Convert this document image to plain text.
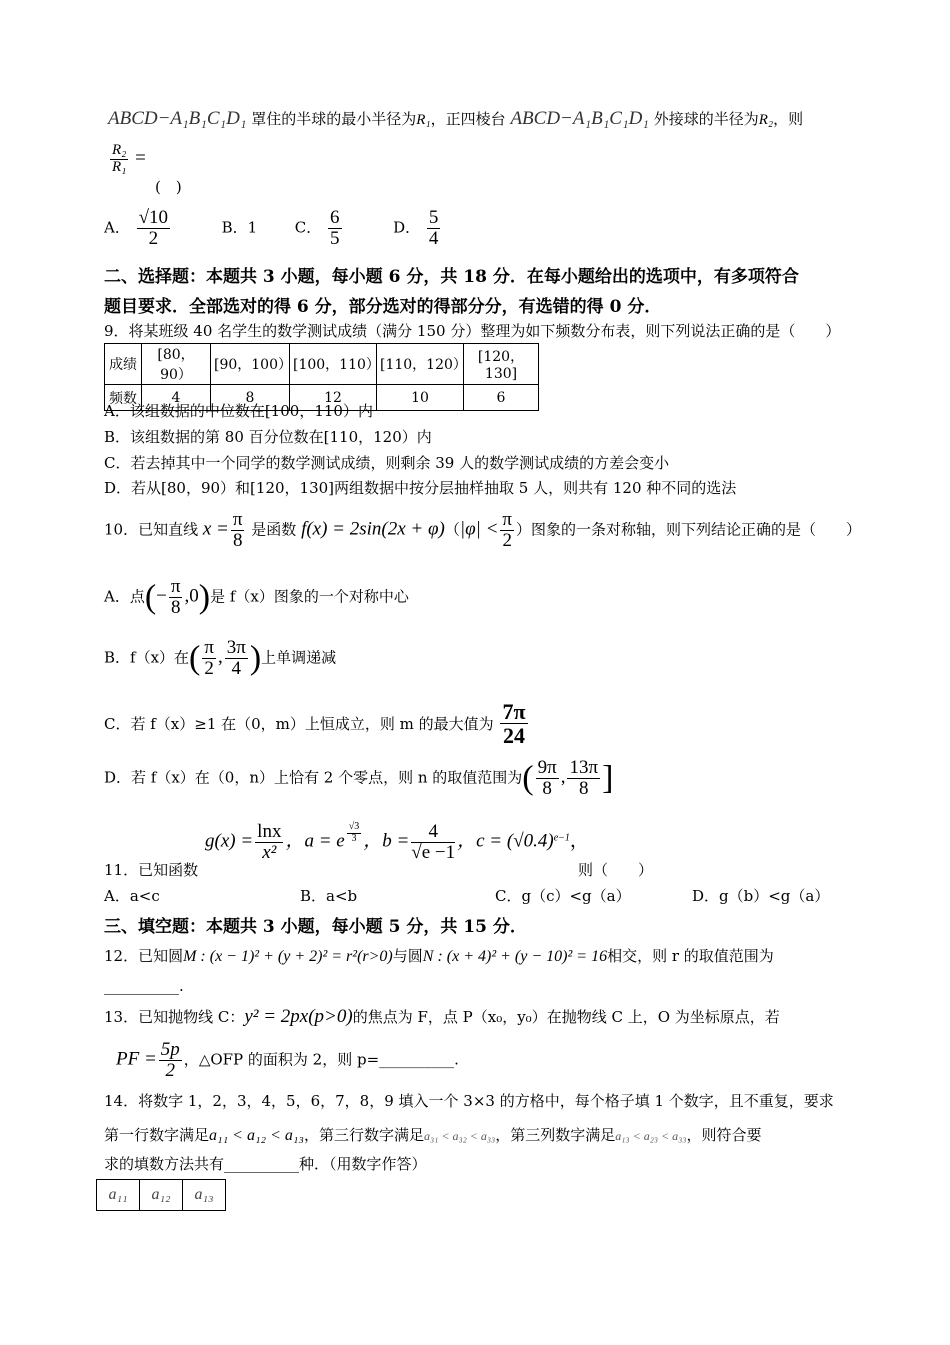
ABCD−A₁B₁C₁D₁ 罩住的半球的最小半径为R₁，正四棱台 ABCD−A₁B₁C₁D₁ 外接球的半径为R₂，则
$\frac{\text{R₂}}{\text{R₁}}$ =
(　)
A． $\frac{√10}{2}$	B．1	C． $\frac{6}{5}$	D． $\frac{5}{4}$
二、选择题：本题共 3 小题，每小题 6 分，共 18 分．在每小题给出的选项中，有多项符合
题目要求．全部选对的得 6 分，部分选对的得部分分，有选错的得 0 分．
9．将某班级 40 名学生的数学测试成绩（满分 150 分）整理为如下频数分布表，则下列说法正确的是（　　）
成绩	[80，90）	[90，100）	[100，110）	[110，120）	[120，130]
频数	4	8	12	10	6
A．该组数据的中位数在[100，110）内
B．该组数据的第 80 百分位数在[110，120）内
C．若去掉其中一个同学的数学测试成绩，则剩余 39 人的数学测试成绩的方差会变小
D．若从[80，90）和[120，130]两组数据中按分层抽样抽取 5 人，则共有 120 种不同的选法
10．已知直线 $x = \frac{\pi}{8}$ 是函数 $f(x) = 2\sin(2x + \varphi)(|\varphi| < \frac{\pi}{2}$ ）图象的一条对称轴，则下列结论正确的是（　　）
A．点(− $\frac{\pi}{8} ,0$)是 f（x）图象的一个对称中心
B．f（x）在( $\frac{\pi}{2}$ , $\frac{3\pi}{4}$ )上单调递减
C．若 f（x）≥1 在（0，m）上恒成立，则 m 的最大值为 $\frac{7\pi}{24}$
D．若 f（x）在（0，n）上恰有 2 个零点，则 n 的取值范围为( $\frac{9\pi}{8}$ , $\frac{13\pi}{8}$ ]
11．已知函数
$g(x) = \frac{\ln x}{\text{x²}}$ ，a = e $^{\frac{√3}{3}}$ ，$b = \frac{4}{√e -1}$ ，$c = (√0.4)^{e-1}$，
则（　　）
A．a<c	B．a<b	C．g（c）<g（a）	D．g（b）<g（a）
三、填空题：本题共 3 小题，每小题 5 分，共 15 分．
12．已知圆M : (x − 1)² + (y + 2)² = r²(r>0)与圆N : (x + 4)² + (y − 10)² = 16相交，则 r 的取值范围为
__________.
13．已知抛物线 C：y² = 2px(p>0)的焦点为 F，点 P（x₀，y₀）在抛物线 C 上，O 为坐标原点，若
PF = $\frac{5p}{2}$ ，△OFP 的面积为 2，则 p=__________.
14．将数字 1，2，3，4，5，6，7，8，9 填入一个 3×3 的方格中，每个格子填 1 个数字，且不重复，要求
第一行数字满足a₁₁ < a₁₂ < a₁₃，第三行数字满足a₃₁ < a₃₂ < a₃₃，第三列数字满足a₁₃ < a₂₃ < a₃₃，则符合要
求的填数方法共有__________种．（用数字作答）
a₁₁	a₁₂	a₁₃
